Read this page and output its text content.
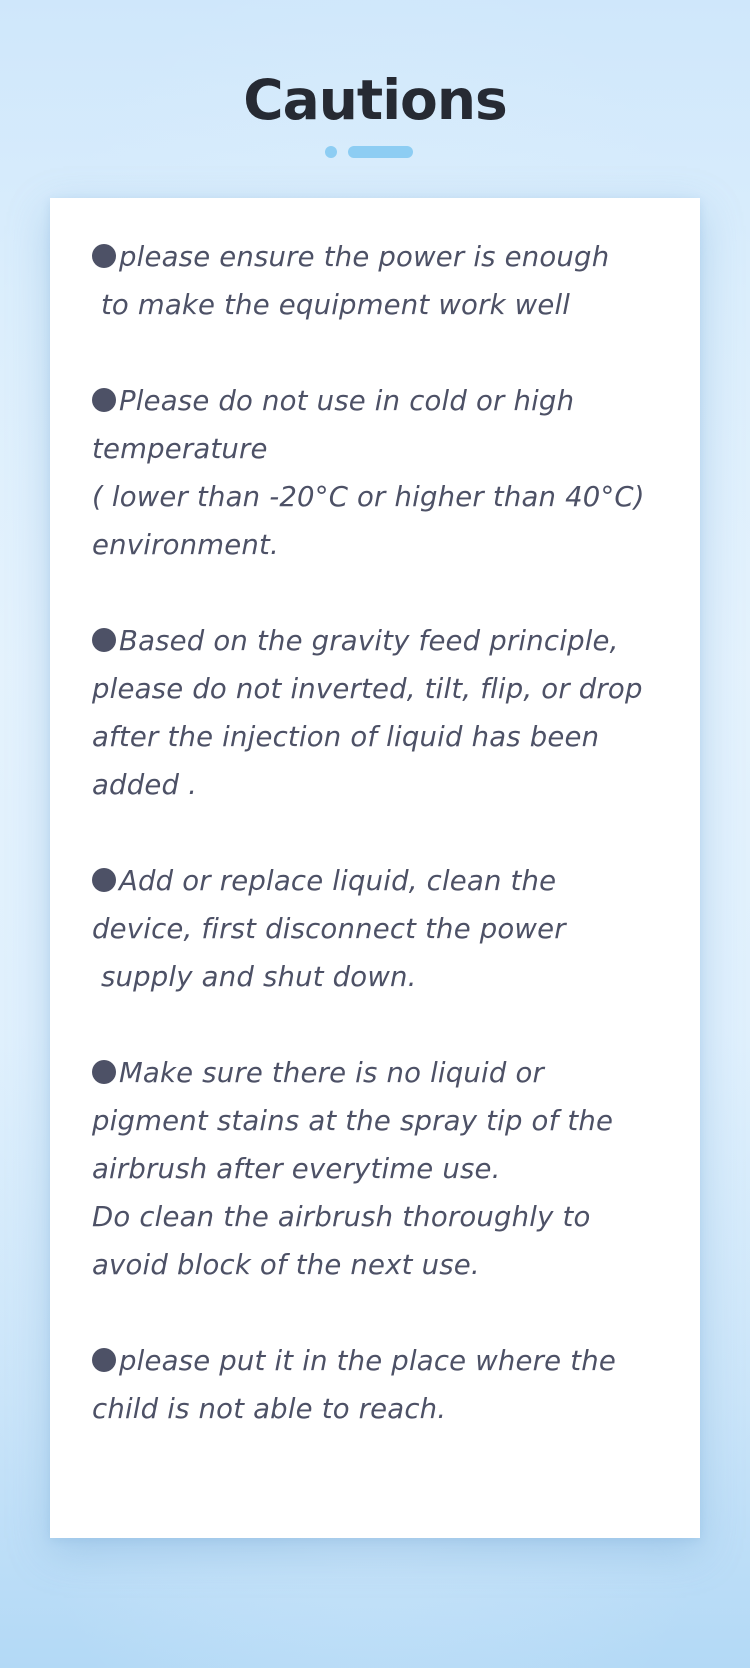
Cautions
please ensure the power is enough
to make the equipment work well
Please do not use in cold or high
temperature
( lower than -20°C or higher than 40°C)
environment.
Based on the gravity feed principle,
please do not inverted, tilt, flip, or drop
after the injection of liquid has been
added .
Add or replace liquid, clean the
device, first disconnect the power
supply and shut down.
Make sure there is no liquid or
pigment stains at the spray tip of the
airbrush after everytime use.
Do clean the airbrush thoroughly to
avoid block of the next use.
please put it in the place where the
child is not able to reach.
